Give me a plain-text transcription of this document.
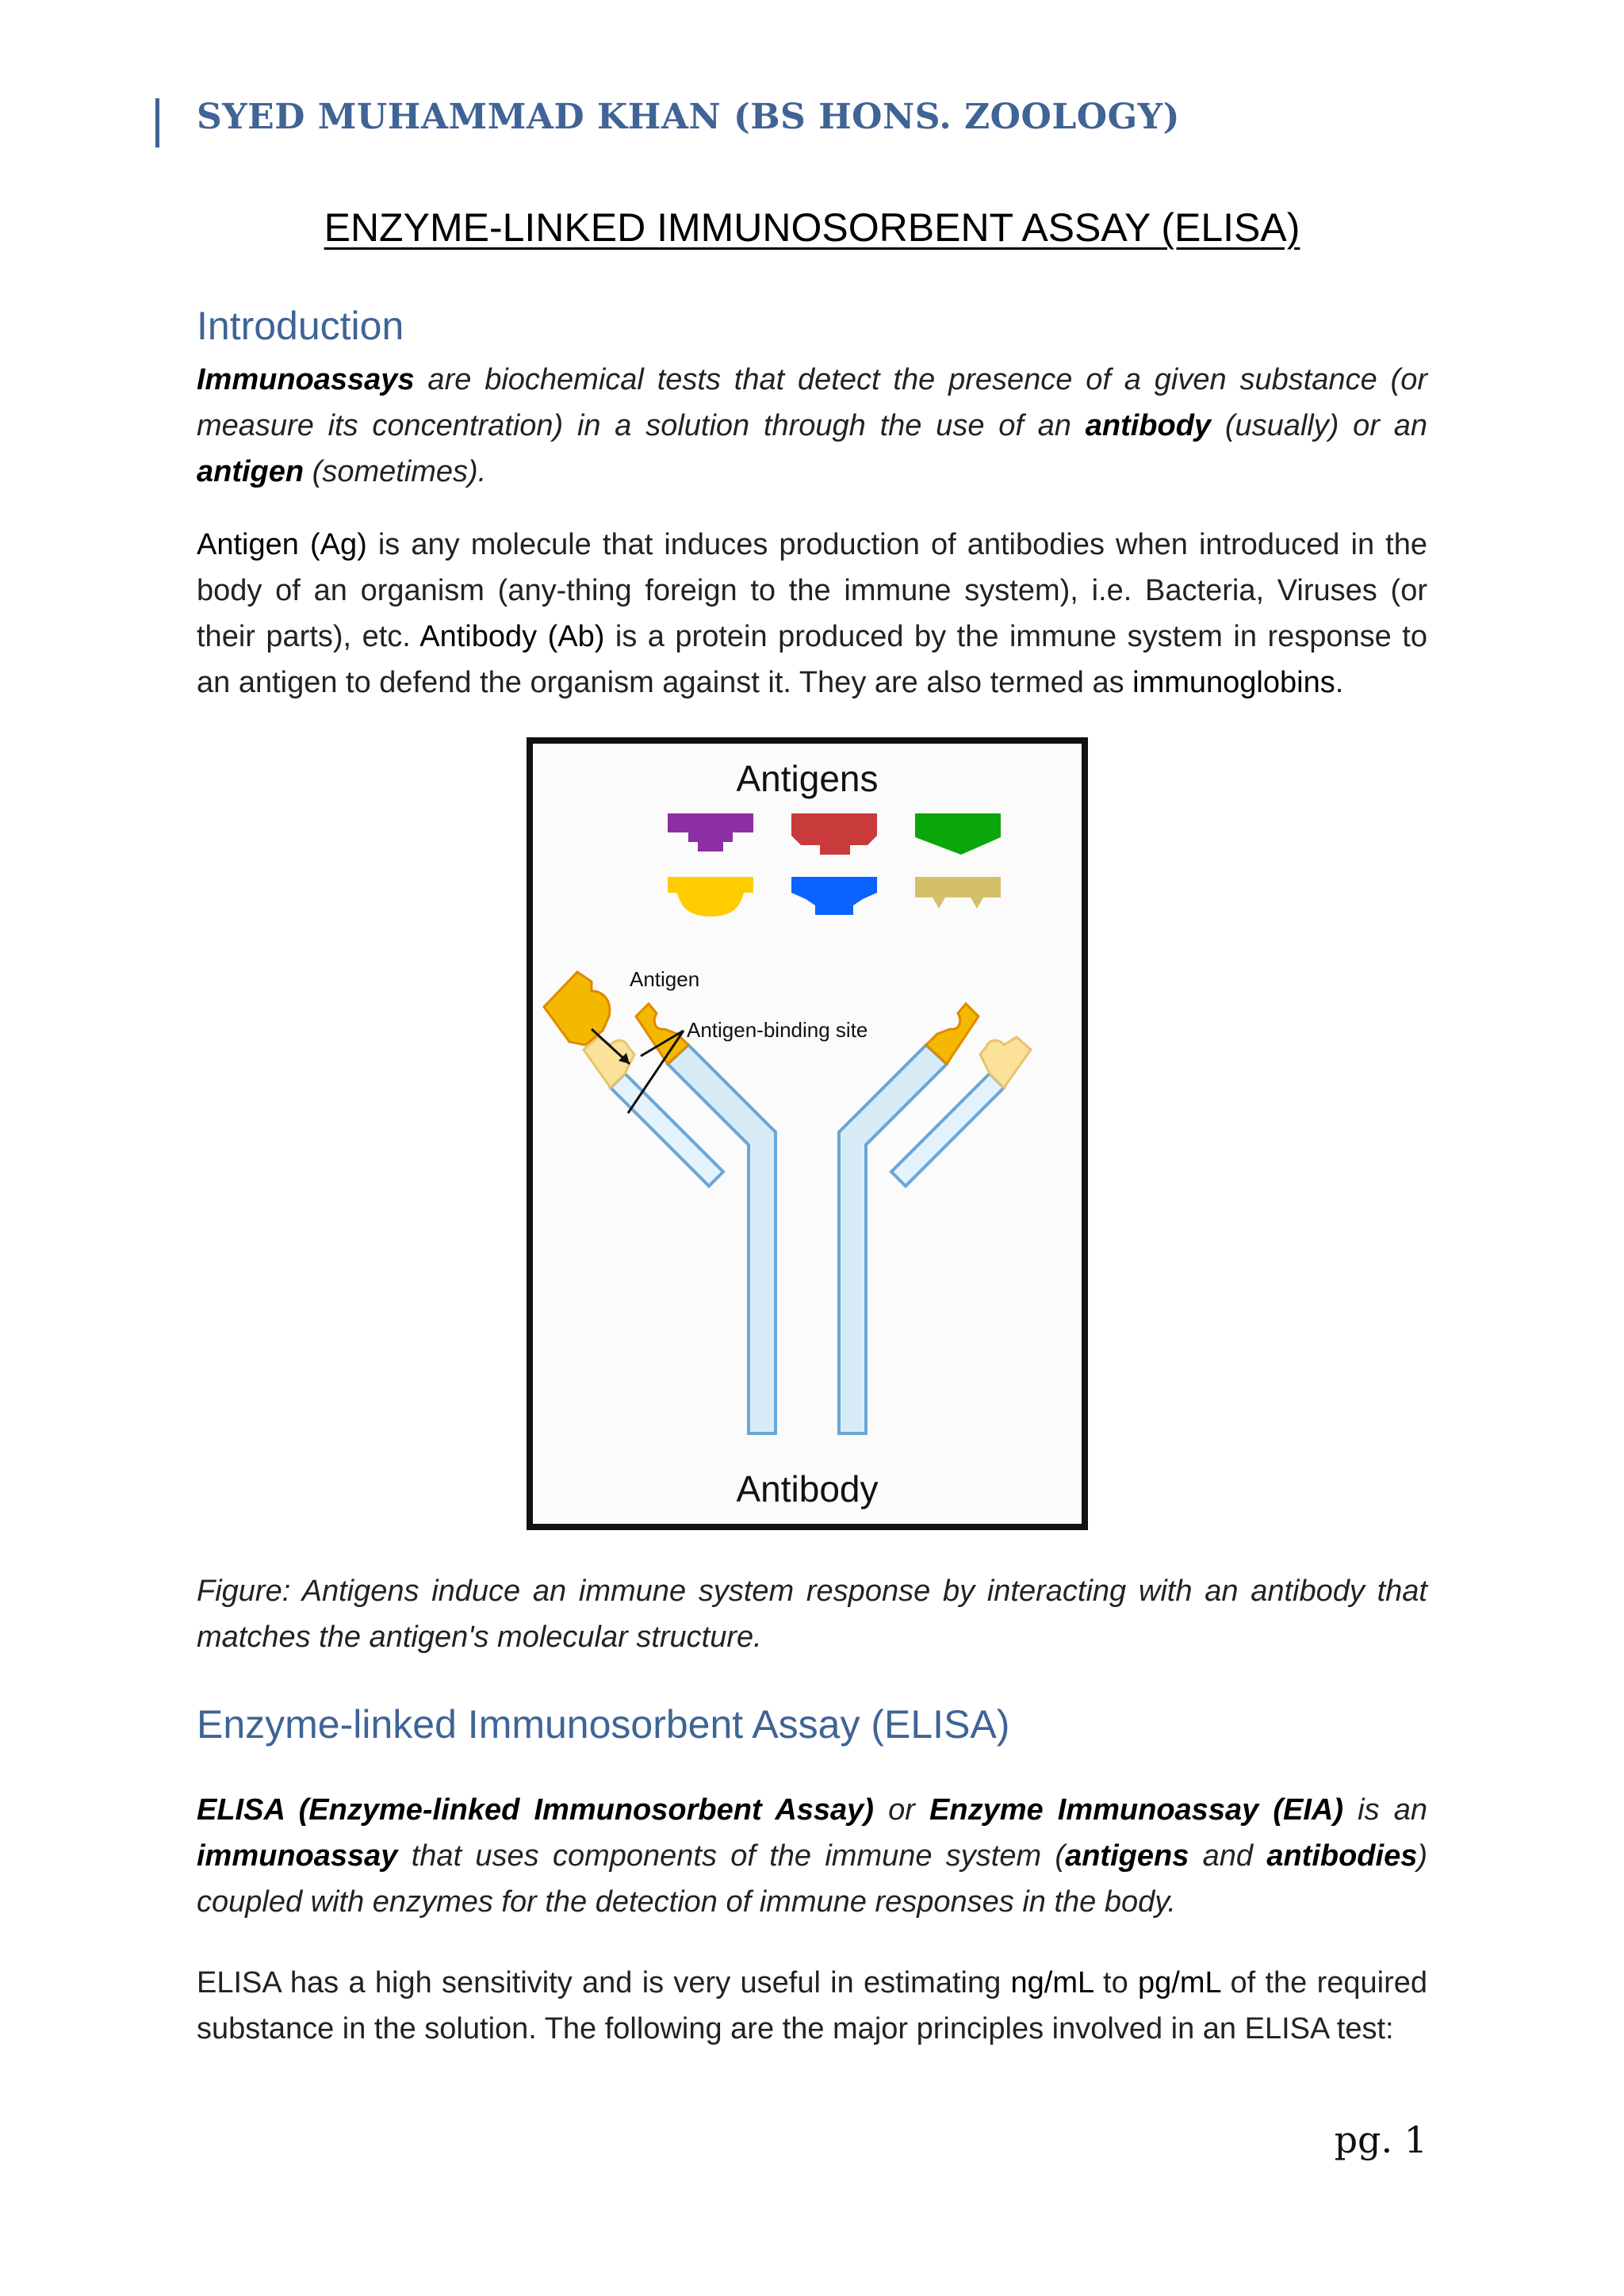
SYED MUHAMMAD KHAN (BS HONS. ZOOLOGY)
ENZYME-LINKED IMMUNOSORBENT ASSAY (ELISA)
Introduction
Immunoassays are biochemical tests that detect the presence of a given substance (or measure its concentration) in a solution through the use of an antibody (usually) or an antigen (sometimes).
Antigen (Ag) is any molecule that induces production of antibodies when introduced in the body of an organism (any-thing foreign to the immune system), i.e. Bacteria, Viruses (or their parts), etc. Antibody (Ab) is a protein produced by the immune system in response to an antigen to defend the organism against it. They are also termed as immunoglobins.
Antigens
Antigen
Antigen-binding site
Antibody
Figure: Antigens induce an immune system response by interacting with an antibody that matches the antigen's molecular structure.
Enzyme-linked Immunosorbent Assay (ELISA)
ELISA (Enzyme-linked Immunosorbent Assay) or Enzyme Immunoassay (EIA) is an immunoassay that uses components of the immune system (antigens and antibodies) coupled with enzymes for the detection of immune responses in the body.
ELISA has a high sensitivity and is very useful in estimating ng/mL to pg/mL of the required substance in the solution. The following are the major principles involved in an ELISA test:
pg. 1
